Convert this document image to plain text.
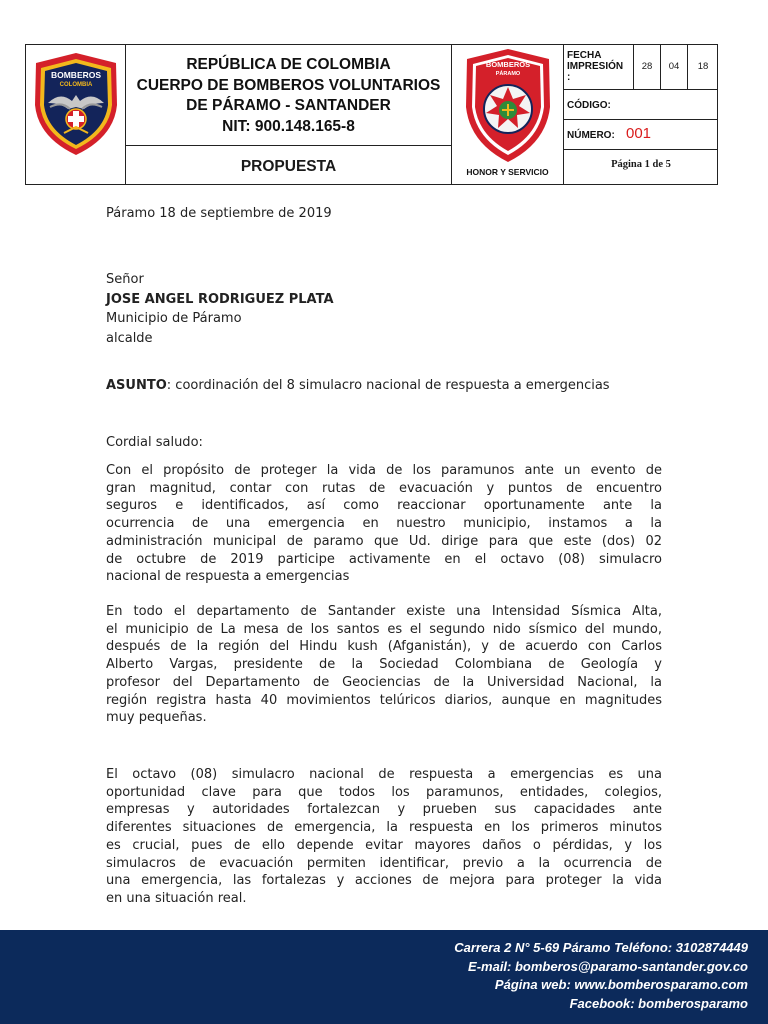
BOMBEROS
COLOMBIA
REPÚBLICA DE COLOMBIA
CUERPO DE BOMBEROS VOLUNTARIOS
DE PÁRAMO - SANTANDER
NIT: 900.148.165-8
PROPUESTA
BOMBEROS
PÁRAMO
HONOR Y SERVICIO
FECHA IMPRESIÓN :
28	04	18
CÓDIGO:
NÚMERO: 001
Página 1 de 5
Páramo 18 de septiembre de 2019
Señor
JOSE ANGEL RODRIGUEZ PLATA
Municipio de Páramo
alcalde
ASUNTO: coordinación del 8 simulacro nacional de respuesta a emergencias
Cordial saludo:
Con el propósito de proteger la vida de los paramunos ante un evento de
gran magnitud, contar con rutas de evacuación y puntos de encuentro
seguros e identificados, así como reaccionar oportunamente ante la
ocurrencia de una emergencia en nuestro municipio, instamos a la
administración municipal de paramo que Ud. dirige para que este (dos) 02
de octubre de 2019 participe activamente en el octavo (08) simulacro
nacional de respuesta a emergencias
En todo el departamento de Santander existe una Intensidad Sísmica Alta,
el municipio de La mesa de los santos es el segundo nido sísmico del mundo,
después de la región del Hindu kush (Afganistán), y de acuerdo con Carlos
Alberto Vargas, presidente de la Sociedad Colombiana de Geología y
profesor del Departamento de Geociencias de la Universidad Nacional, la
región registra hasta 40 movimientos telúricos diarios, aunque en magnitudes
muy pequeñas.
El octavo (08) simulacro nacional de respuesta a emergencias es una
oportunidad clave para que todos los paramunos, entidades, colegios,
empresas y autoridades fortalezcan y prueben sus capacidades ante
diferentes situaciones de emergencia, la respuesta en los primeros minutos
es crucial, pues de ello depende evitar mayores daños o pérdidas, y los
simulacros de evacuación permiten identificar, previo a la ocurrencia de
una emergencia, las fortalezas y acciones de mejora para proteger la vida
en una situación real.
Carrera 2 N° 5-69 Páramo Teléfono: 3102874449
E-mail: bomberos@paramo-santander.gov.co
Página web: www.bomberosparamo.com
Facebook: bomberosparamo
